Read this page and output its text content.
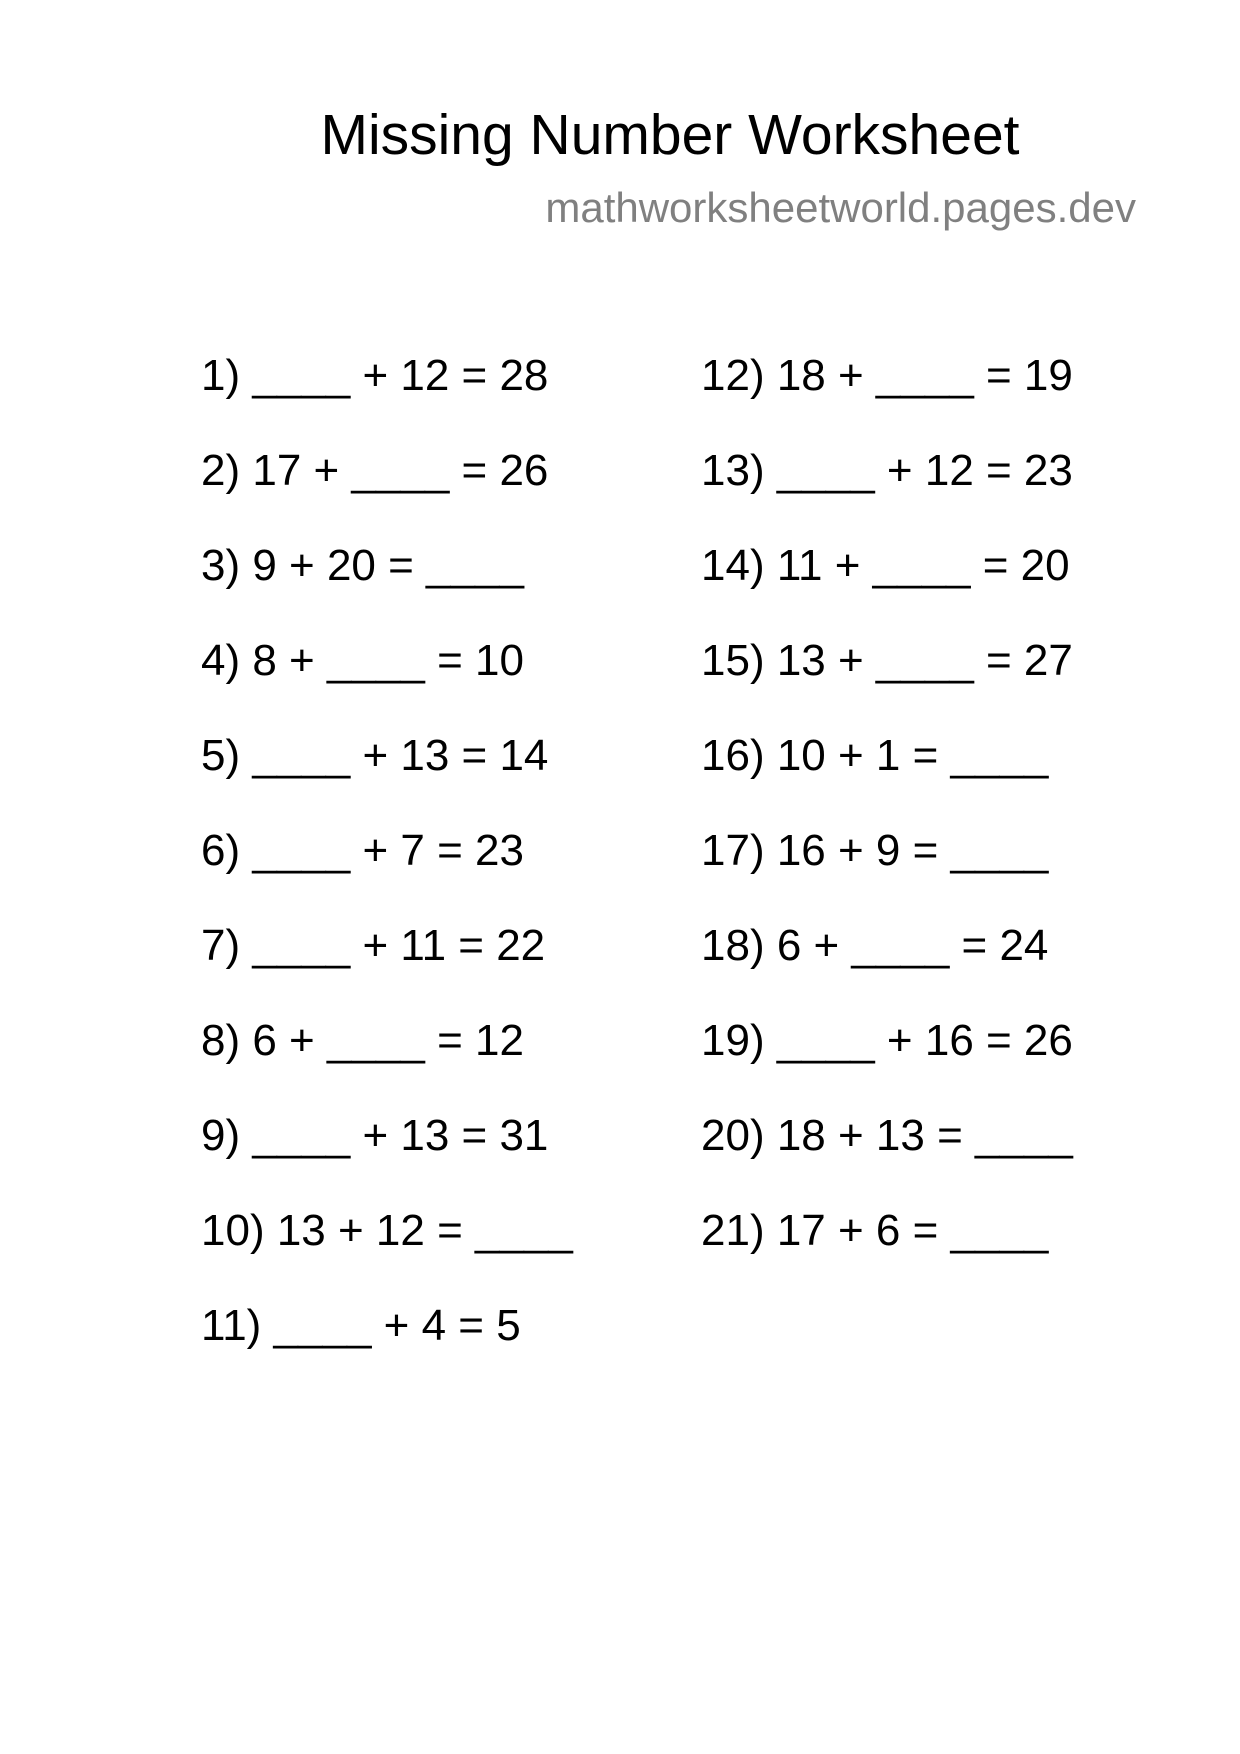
Missing Number Worksheet
mathworksheetworld.pages.dev
1) ____ + 12 = 28
2) 17 + ____ = 26
3) 9 + 20 = ____
4) 8 + ____ = 10
5) ____ + 13 = 14
6) ____ + 7 = 23
7) ____ + 11 = 22
8) 6 + ____ = 12
9) ____ + 13 = 31
10) 13 + 12 = ____
11) ____ + 4 = 5
12) 18 + ____ = 19
13) ____ + 12 = 23
14) 11 + ____ = 20
15) 13 + ____ = 27
16) 10 + 1 = ____
17) 16 + 9 = ____
18) 6 + ____ = 24
19) ____ + 16 = 26
20) 18 + 13 = ____
21) 17 + 6 = ____
